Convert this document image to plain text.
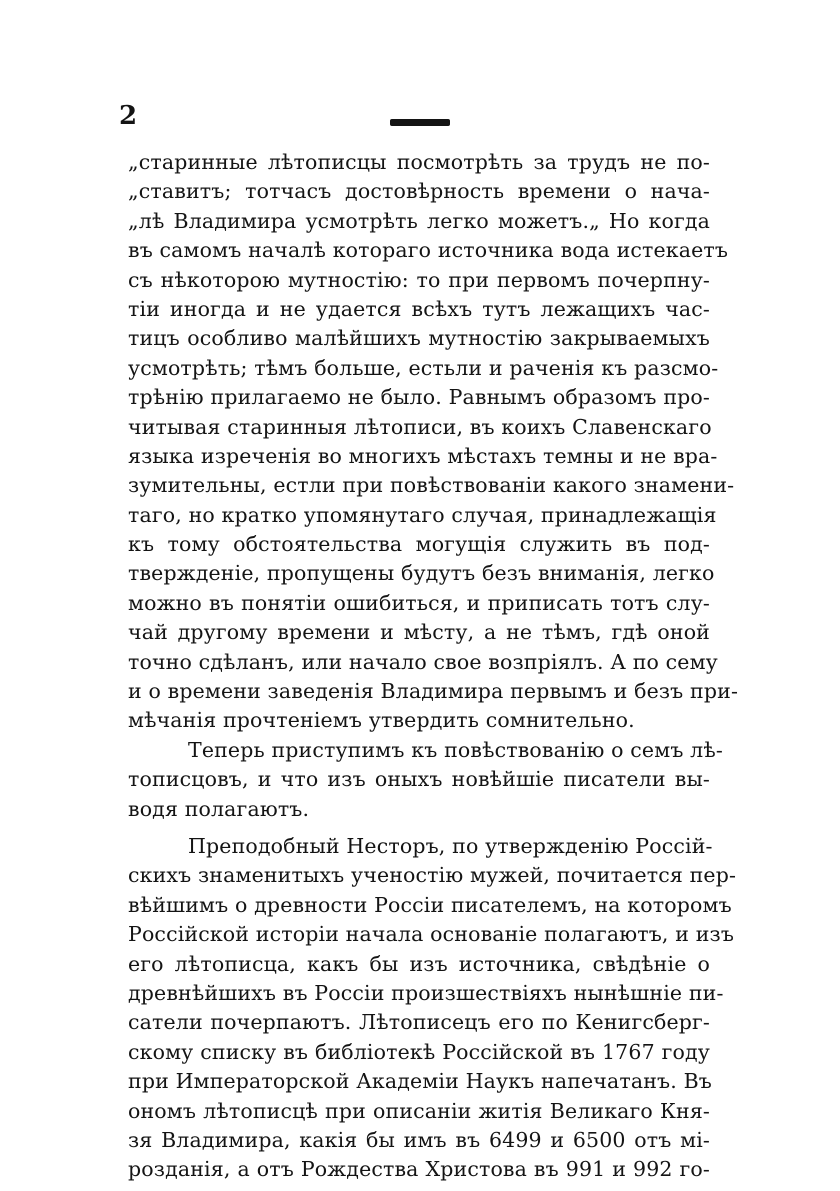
2
„старинные лѣтописцы посмотрѣть за трудъ не по-
„ставитъ; тотчасъ достовѣрность времени о нача-
„лѣ Владимира усмотрѣть легко можетъ.„ Но когда
въ самомъ началѣ котораго источника вода истекаетъ
съ нѣкоторою мутностію: то при первомъ почерпну-
тіи иногда и не удается всѣхъ тутъ лежащихъ час-
тицъ особливо малѣйшихъ мутностію закрываемыхъ
усмотрѣть; тѣмъ больше, естьли и раченія къ разсмо-
трѣнію прилагаемо не было. Равнымъ образомъ про-
читывая старинныя лѣтописи, въ коихъ Славенскаго
языка изреченія во многихъ мѣстахъ темны и не вра-
зумительны, естли при повѣствованіи какого знамени-
таго, но кратко упомянутаго случая, принадлежащія
къ тому обстоятельства могущія служить въ под-
твержденіе, пропущены будутъ безъ вниманія, легко
можно въ понятіи ошибиться, и приписать тотъ слу-
чай другому времени и мѣсту, а не тѣмъ, гдѣ оной
точно сдѣланъ, или начало свое возпріялъ. А по сему
и о времени заведенія Владимира первымъ и безъ при-
мѣчанія прочтеніемъ утвердить сомнительно.
Теперь приступимъ къ повѣствованію о семъ лѣ-
тописцовъ, и что изъ оныхъ новѣйшіе писатели вы-
водя полагаютъ.
Преподобный Несторъ, по утвержденію Россій-
скихъ знаменитыхъ ученостію мужей, почитается пер-
вѣйшимъ о древности Россіи писателемъ, на которомъ
Россійской исторіи начала основаніе полагаютъ, и изъ
его лѣтописца, какъ бы изъ источника, свѣдѣніе о
древнѣйшихъ въ Россіи произшествіяхъ нынѣшніе пи-
сатели почерпаютъ. Лѣтописецъ его по Кенигсберг-
скому списку въ библіотекѣ Россійской въ 1767 году
при Императорской Академіи Наукъ напечатанъ. Въ
ономъ лѣтописцѣ при описаніи житія Великаго Кня-
зя Владимира, какія бы имъ въ 6499 и 6500 отъ мі-
розданія, а отъ Рождества Христова въ 991 и 992 го-
